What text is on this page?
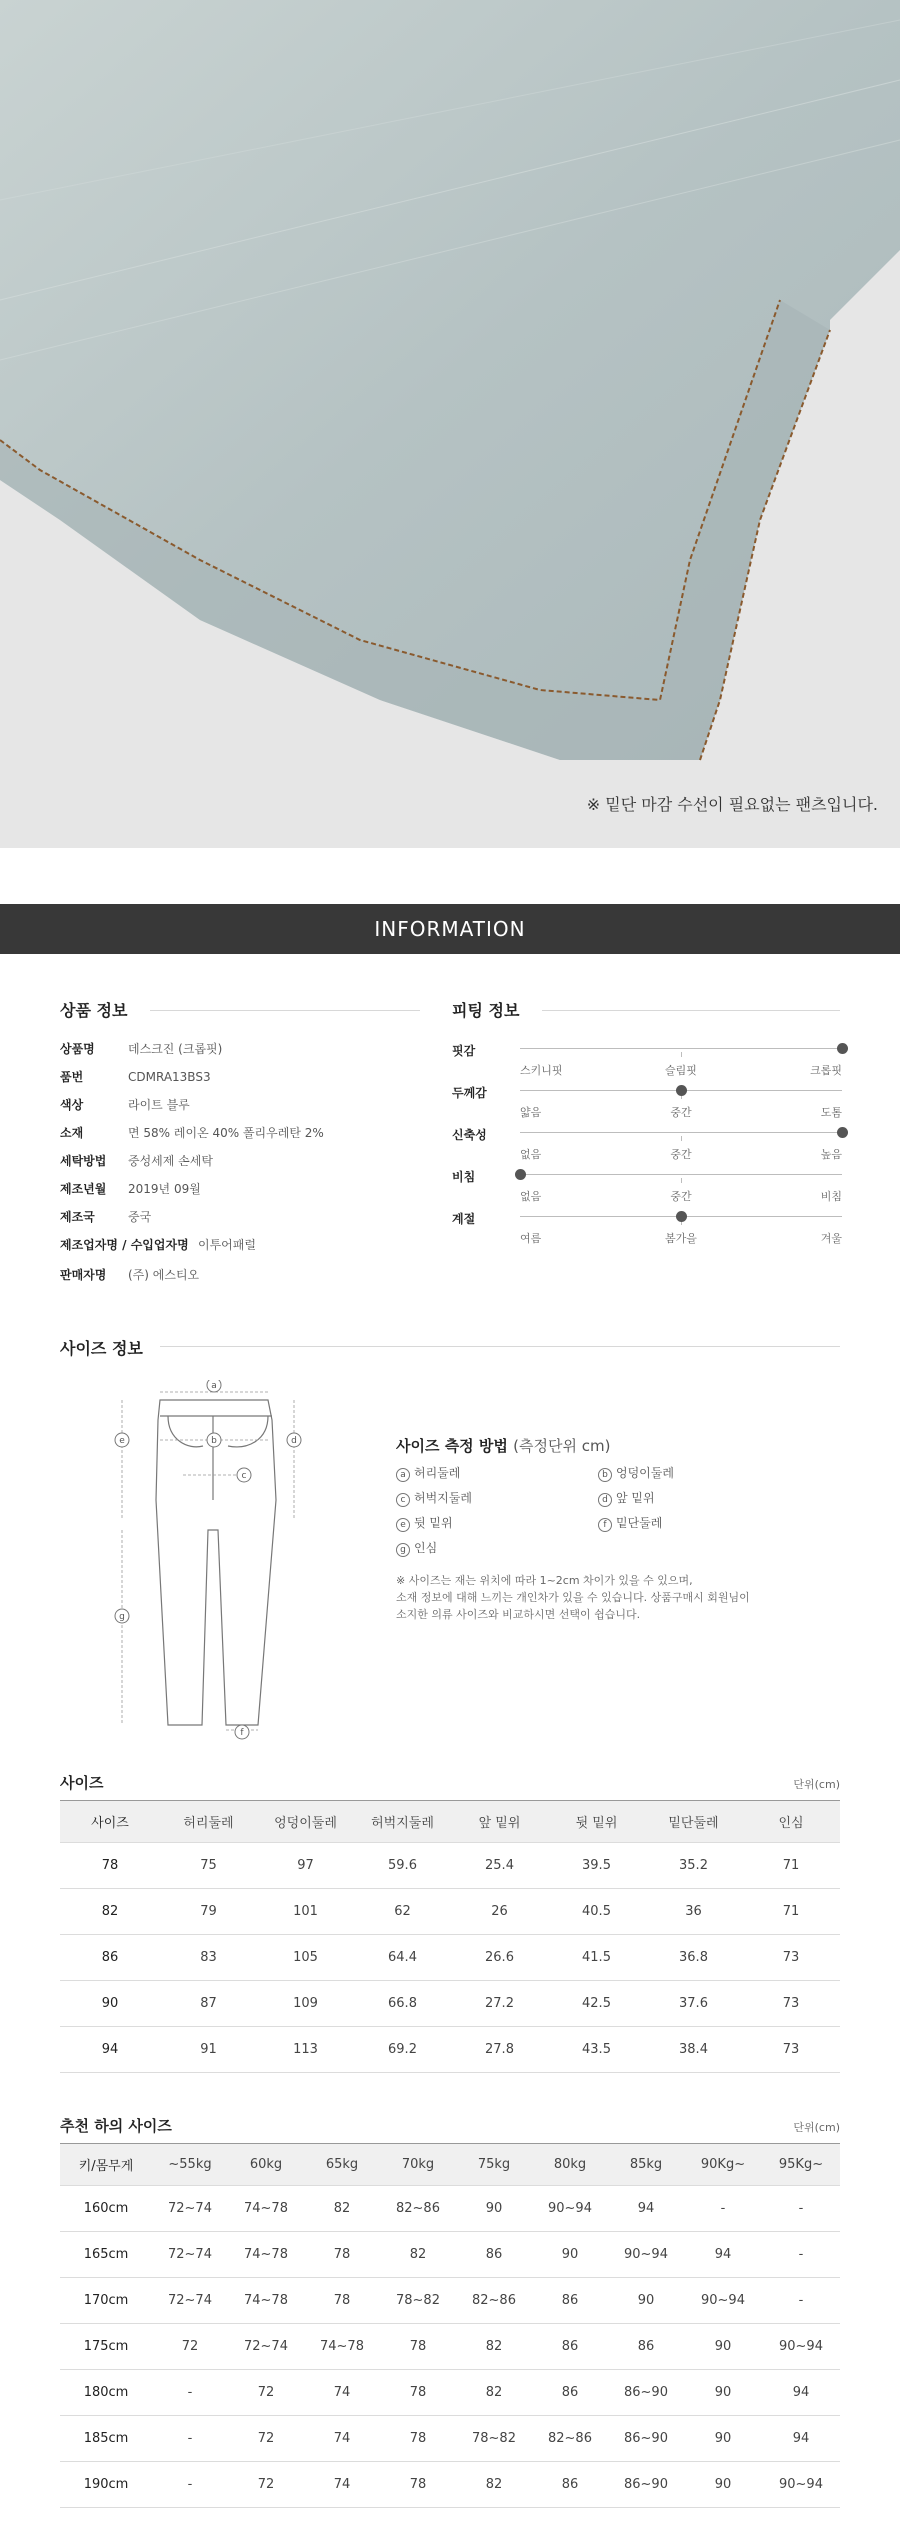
※ 밑단 마감 수선이 필요없는 팬츠입니다.
INFORMATION
상품 정보
상품명	데스크진 (크롭핏)
품번	CDMRA13BS3
색상	라이트 블루
소재	면 58% 레이온 40% 폴리우레탄 2%
세탁방법 중성세제 손세탁
제조년월 2019년 09월
제조국	중국
제조업자명 / 수입업자명 이투어패럴
판매자명 (주) 에스티오
피팅 정보
핏감
스키니핏	슬림핏	크롭핏
두께감
얇음	중간	도톰
신축성
없음	중간	높음
비침
없음	중간	비침
계절
여름	봄가을	겨울
사이즈 정보
a
b
c
d
e
f
g
사이즈 측정 방법 (측정단위 cm)
a 허리둘레	b 엉덩이둘레
c 허벅지둘레	d 앞 밑위
e 뒷 밑위	f 밑단둘레
g 인심
※ 사이즈는 재는 위치에 따라 1~2cm 차이가 있을 수 있으며,
소재 정보에 대해 느끼는 개인차가 있을 수 있습니다. 상품구매시 회원님이
소지한 의류 사이즈와 비교하시면 선택이 쉽습니다.
사이즈	단위(cm)
사이즈	허리둘레	엉덩이둘레	허벅지둘레	앞 밑위	뒷 밑위	밑단둘레	인심
78	75	97	59.6	25.4	39.5	35.2	71
82	79	101	62	26	40.5	36	71
86	83	105	64.4	26.6	41.5	36.8	73
90	87	109	66.8	27.2	42.5	37.6	73
94	91	113	69.2	27.8	43.5	38.4	73
추천 하의 사이즈	단위(cm)
키/몸무게	~55kg	60kg	65kg	70kg	75kg	80kg	85kg	90Kg~	95Kg~
160cm	72~74	74~78	82	82~86	90	90~94	94	-	-
165cm	72~74	74~78	78	82	86	90	90~94	94	-
170cm	72~74	74~78	78	78~82	82~86	86	90	90~94	-
175cm	72	72~74	74~78	78	82	86	86	90	90~94
180cm	-	72	74	78	82	86	86~90	90	94
185cm	-	72	74	78	78~82	82~86	86~90	90	94
190cm	-	72	74	78	82	86	86~90	90	90~94
